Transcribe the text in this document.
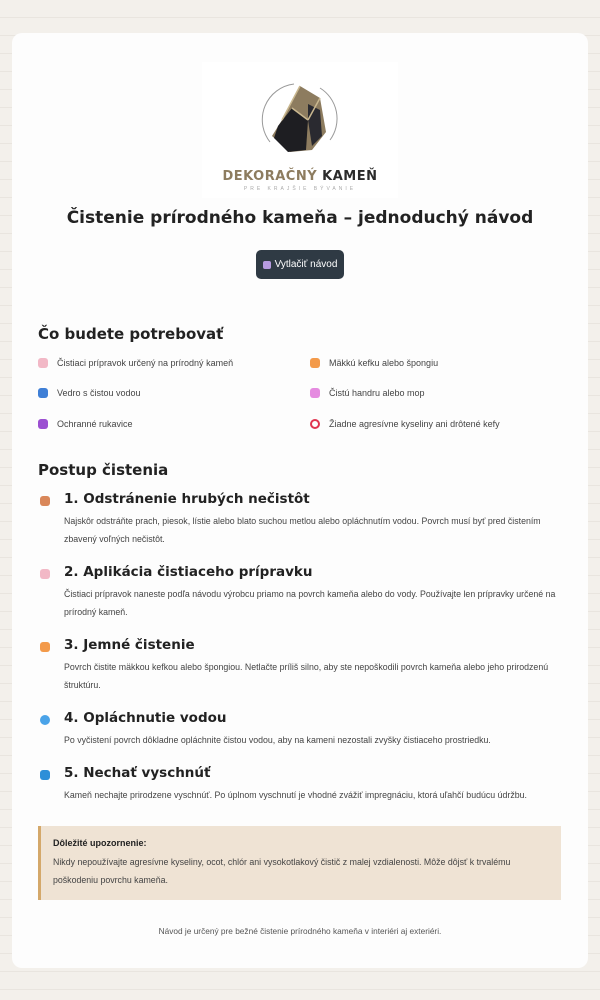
DEKORAČNÝ KAMEŇ
PRE KRAJŠIE BÝVANIE
Čistenie prírodného kameňa – jednoduchý návod
Vytlačiť návod
Čo budete potrebovať
Čistiaci prípravok určený na prírodný kameň	Mäkkú kefku alebo špongiu
Vedro s čistou vodou	Čistú handru alebo mop
Ochranné rukavice	Žiadne agresívne kyseliny ani drôtené kefy
Postup čistenia
1. Odstránenie hrubých nečistôt

Najskôr odstráňte prach, piesok, lístie alebo blato suchou metlou alebo opláchnutím vodou. Povrch musí byť pred čistením zbavený voľných nečistôt.

2. Aplikácia čistiaceho prípravku

Čistiaci prípravok naneste podľa návodu výrobcu priamo na povrch kameňa alebo do vody. Používajte len prípravky určené na prírodný kameň.

3. Jemné čistenie

Povrch čistite mäkkou kefkou alebo špongiou. Netlačte príliš silno, aby ste nepoškodili povrch kameňa alebo jeho prirodzenú štruktúru.

4. Opláchnutie vodou

Po vyčistení povrch dôkladne opláchnite čistou vodou, aby na kameni nezostali zvyšky čistiaceho prostriedku.

5. Nechať vyschnúť

Kameň nechajte prirodzene vyschnúť. Po úplnom vyschnutí je vhodné zvážiť impregnáciu, ktorá uľahčí budúcu údržbu.

Dôležité upozornenie:

Nikdy nepoužívajte agresívne kyseliny, ocot, chlór ani vysokotlakový čistič z malej vzdialenosti. Môže dôjsť k trvalému poškodeniu povrchu kameňa.

Návod je určený pre bežné čistenie prírodného kameňa v interiéri aj exteriéri.
